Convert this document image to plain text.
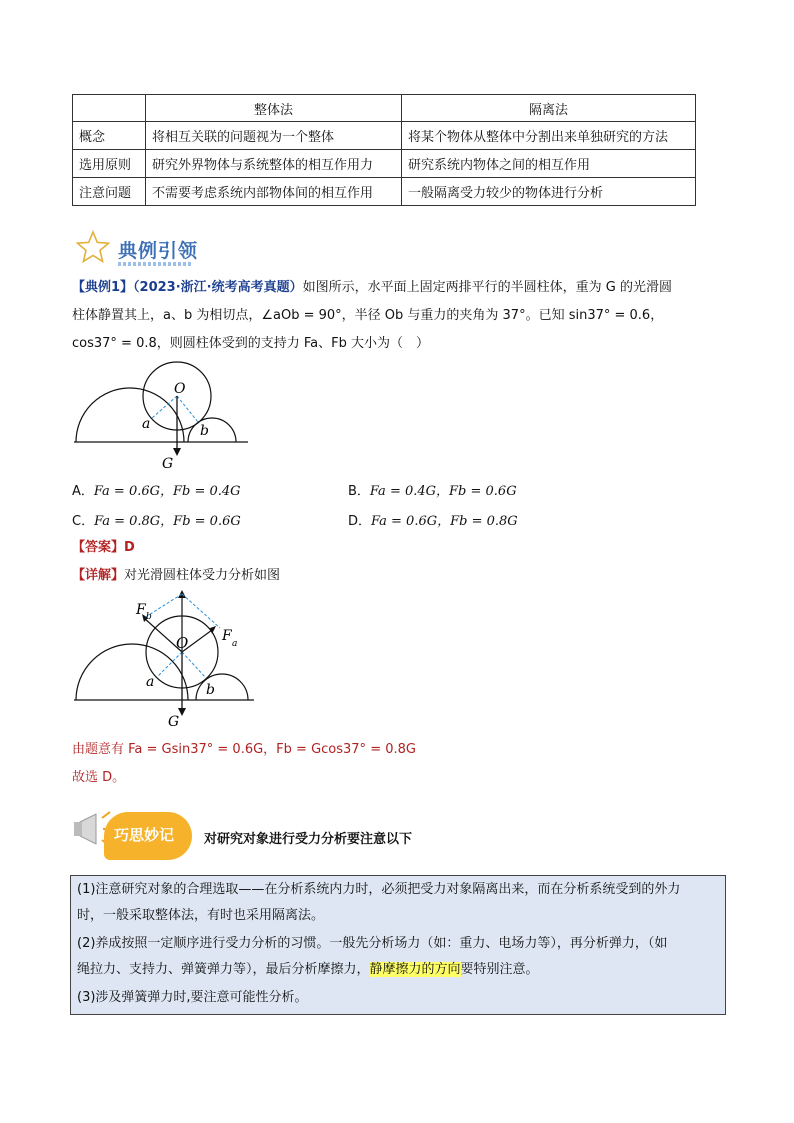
	整体法	隔离法
概念	将相互关联的问题视为一个整体	将某个物体从整体中分割出来单独研究的方法
选用原则	研究外界物体与系统整体的相互作用力	研究系统内物体之间的相互作用
注意问题	不需要考虑系统内部物体间的相互作用	一般隔离受力较少的物体进行分析
典例引领
【典例1】（2023·浙江·统考高考真题）如图所示，水平面上固定两排平行的半圆柱体，重为 G 的光滑圆
柱体静置其上，a、b 为相切点，∠aOb = 90°，半径 Ob 与重力的夹角为 37°。已知 sin37° = 0.6，
cos37° = 0.8，则圆柱体受到的支持力 Fa、Fb 大小为（　）
O
a	b
G
A．Fa = 0.6G，Fb = 0.4G	B．Fa = 0.4G，Fb = 0.6G
C．Fa = 0.8G，Fb = 0.6G	D．Fa = 0.6G，Fb = 0.8G
【答案】D
【详解】对光滑圆柱体受力分析如图
O
F b
F a
a	b
G
由题意有 Fa = Gsin37° = 0.6G，Fb = Gcos37° = 0.8G
故选 D。
巧思妙记 对研究对象进行受力分析要注意以下
(1)注意研究对象的合理选取——在分析系统内力时，必须把受力对象隔离出来，而在分析系统受到的外力
时，一般采取整体法，有时也采用隔离法。
(2)养成按照一定顺序进行受力分析的习惯。一般先分析场力（如：重力、电场力等），再分析弹力，（如
绳拉力、支持力、弹簧弹力等），最后分析摩擦力，静摩擦力的方向要特别注意。
(3)涉及弹簧弹力时,要注意可能性分析。
